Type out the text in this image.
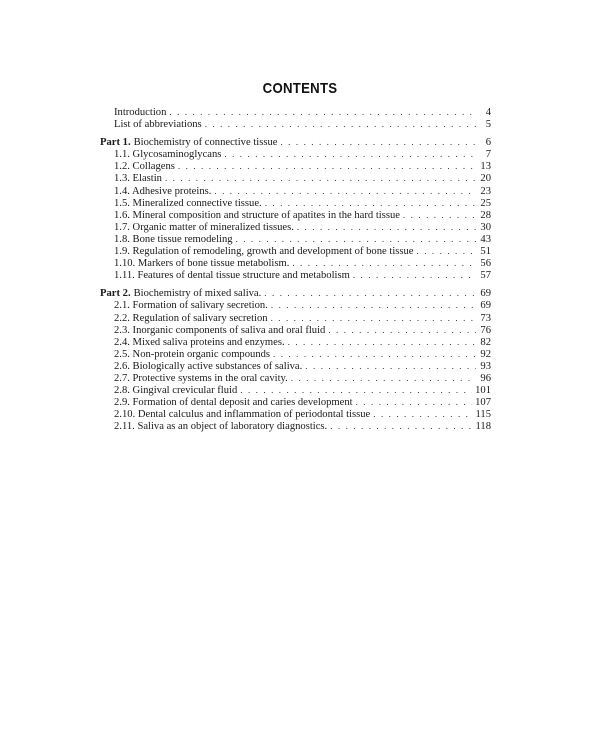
CONTENTS
Introduction . . .	4
List of abbreviations . . .	5
Part 1. Biochemistry of connective tissue . . .	6
1.1. Glycosaminoglycans . . .	7
1.2. Collagens . . .	13
1.3. Elastin . . .	20
1.4. Adhesive proteins. . . .	23
1.5. Mineralized connective tissue. . . .	25
1.6. Mineral composition and structure of apatites in the hard tissue . . .	28
1.7. Organic matter of mineralized tissues. . . .	30
1.8. Bone tissue remodeling . . .	43
1.9. Regulation of remodeling, growth and development of bone tissue . . .	51
1.10. Markers of bone tissue metabolism. . . .	56
1.11. Features of dental tissue structure and metabolism . . .	57
Part 2. Biochemistry of mixed saliva. . . .	69
2.1. Formation of salivary secretion. . . .	69
2.2. Regulation of salivary secretion . . .	73
2.3. Inorganic components of saliva and oral fluid . . .	76
2.4. Mixed saliva proteins and enzymes. . . .	82
2.5. Non-protein organic compounds . . .	92
2.6. Biologically active substances of saliva. . . .	93
2.7. Protective systems in the oral cavity. . . .	96
2.8. Gingival crevicular fluid . . .	101
2.9. Formation of dental deposit and caries development . . .	107
2.10. Dental calculus and inflammation of periodontal tissue . . .	115
2.11. Saliva as an object of laboratory diagnostics. . . .	118
